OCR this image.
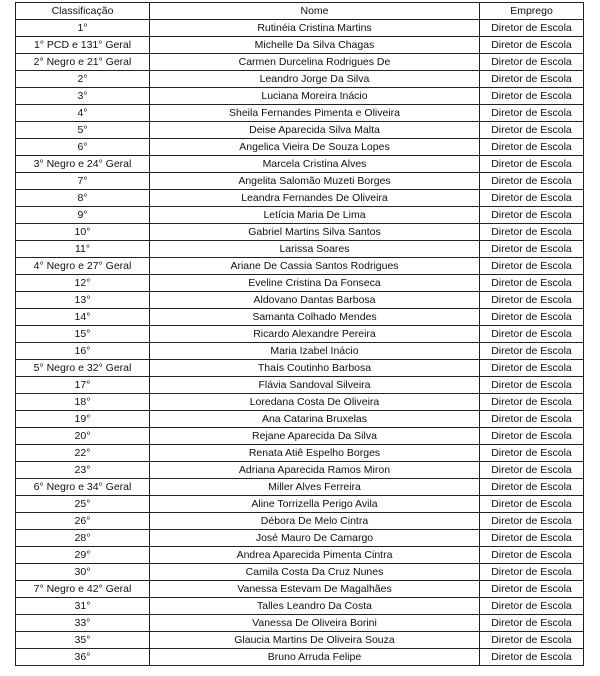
Classificação	Nome	Emprego
1°	Rutinéia Cristina Martins	Diretor de Escola
1° PCD e 131° Geral	Michelle Da Silva Chagas	Diretor de Escola
2° Negro e 21° Geral	Carmen Durcelina Rodrigues De	Diretor de Escola
2°	Leandro Jorge Da Silva	Diretor de Escola
3°	Luciana Moreira Inácio	Diretor de Escola
4°	Sheila Fernandes Pimenta e Oliveira	Diretor de Escola
5°	Deise Aparecida Silva Malta	Diretor de Escola
6°	Angelica Vieira De Souza Lopes	Diretor de Escola
3° Negro e 24° Geral	Marcela Cristina Alves	Diretor de Escola
7°	Angelita Salomão Muzeti Borges	Diretor de Escola
8°	Leandra Fernandes De Oliveira	Diretor de Escola
9°	Letícia Maria De Lima	Diretor de Escola
10°	Gabriel Martins Silva Santos	Diretor de Escola
11°	Larissa Soares	Diretor de Escola
4° Negro e 27° Geral	Ariane De Cassia Santos Rodrigues	Diretor de Escola
12°	Eveline Cristina Da Fonseca	Diretor de Escola
13°	Aldovano Dantas Barbosa	Diretor de Escola
14°	Samanta Colhado Mendes	Diretor de Escola
15°	Ricardo Alexandre Pereira	Diretor de Escola
16°	Maria Izabel Inácio	Diretor de Escola
5° Negro e 32° Geral	Thaís Coutinho Barbosa	Diretor de Escola
17°	Flávia Sandoval Silveira	Diretor de Escola
18°	Loredana Costa De Oliveira	Diretor de Escola
19°	Ana Catarina Bruxelas	Diretor de Escola
20°	Rejane Aparecida Da Silva	Diretor de Escola
22°	Renata Atiê Espelho Borges	Diretor de Escola
23°	Adriana Aparecida Ramos Miron	Diretor de Escola
6° Negro e 34° Geral	Miller Alves Ferreira	Diretor de Escola
25°	Aline Torrizella Perigo Avila	Diretor de Escola
26°	Débora De Melo Cintra	Diretor de Escola
28°	José Mauro De Camargo	Diretor de Escola
29°	Andrea Aparecida Pimenta Cintra	Diretor de Escola
30°	Camila Costa Da Cruz Nunes	Diretor de Escola
7° Negro e 42° Geral	Vanessa Estevam De Magalhães	Diretor de Escola
31°	Talles Leandro Da Costa	Diretor de Escola
33°	Vanessa De Oliveira Borini	Diretor de Escola
35°	Glaucia Martins De Oliveira Souza	Diretor de Escola
36°	Bruno Arruda Felipe	Diretor de Escola
